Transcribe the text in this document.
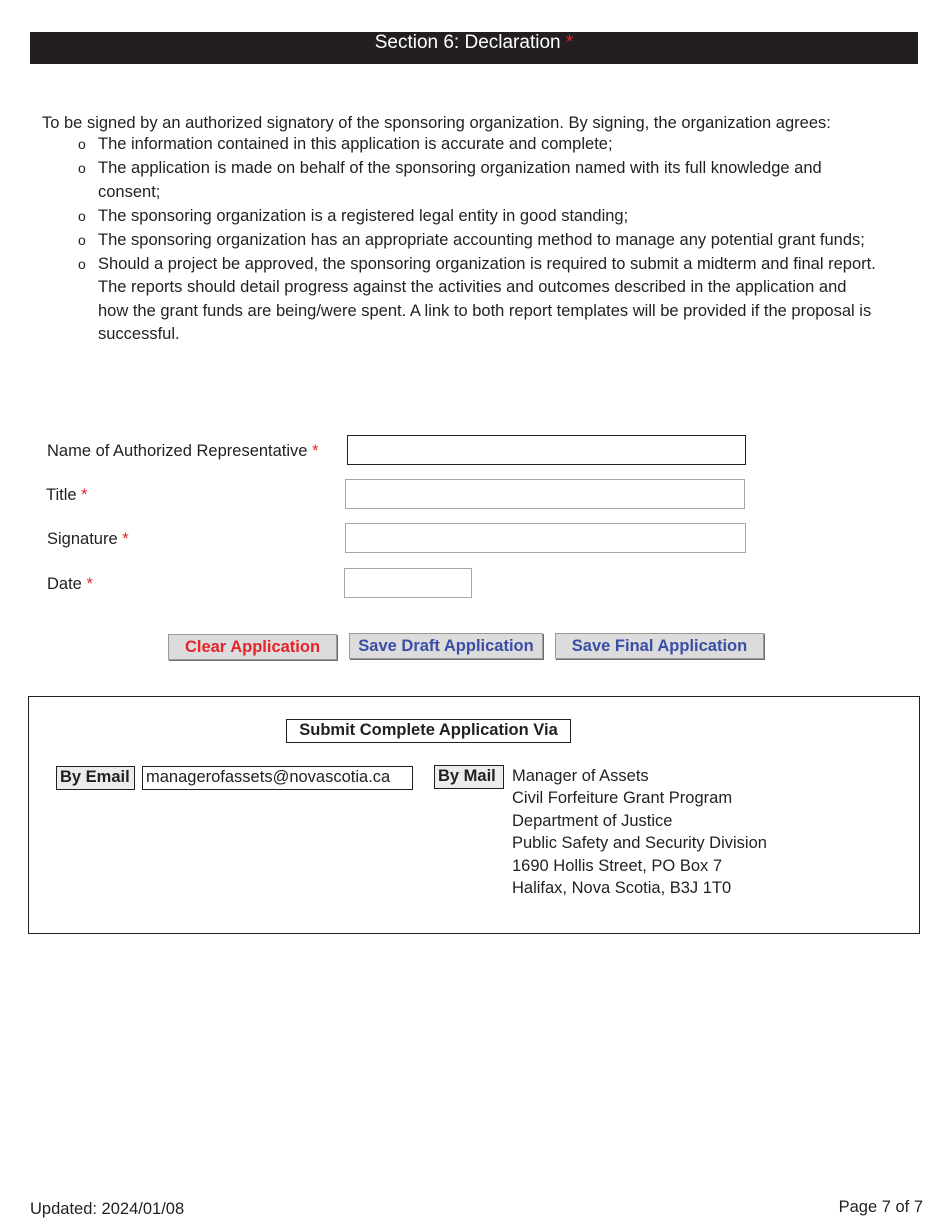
Section 6: Declaration *

To be signed by an authorized signatory of the sponsoring organization. By signing, the organization agrees:

o The information contained in this application is accurate and complete;
o The application is made on behalf of the sponsoring organization named with its full knowledge and consent;
o The sponsoring organization is a registered legal entity in good standing;
o The sponsoring organization has an appropriate accounting method to manage any potential grant funds;
o Should a project be approved, the sponsoring organization is required to submit a midterm and final report. The reports should detail progress against the activities and outcomes described in the application and how the grant funds are being/were spent. A link to both report templates will be provided if the proposal is successful.
Name of Authorized Representative *
Title *
Signature *
Date *
Clear Application	Save Draft Application	Save Final Application
Submit Complete Application Via
By Email managerofassets@novascotia.ca	By Mail Manager of Assets
Civil Forfeiture Grant Program
Department of Justice
Public Safety and Security Division
1690 Hollis Street, PO Box 7
Halifax, Nova Scotia, B3J 1T0
Updated: 2024/01/08	Page 7 of 7
